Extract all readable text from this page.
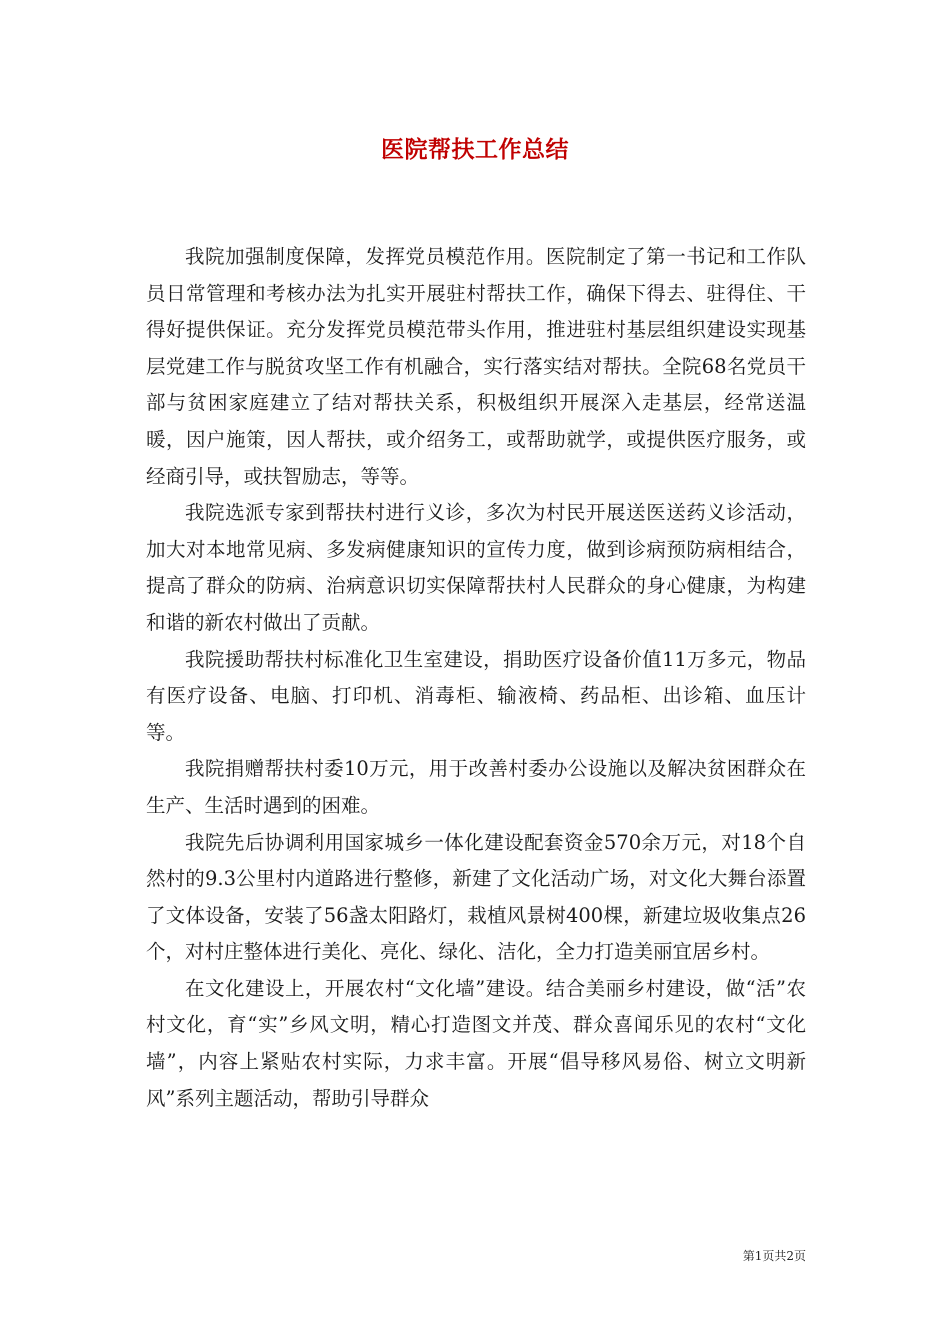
医院帮扶工作总结

我院加强制度保障，发挥党员模范作用。医院制定了第一书记和工作队员日常管理和考核办法为扎实开展驻村帮扶工作，确保下得去、驻得住、干得好提供保证。充分发挥党员模范带头作用，推进驻村基层组织建设实现基层党建工作与脱贫攻坚工作有机融合，实行落实结对帮扶。全院68名党员干部与贫困家庭建立了结对帮扶关系，积极组织开展深入走基层，经常送温暖，因户施策，因人帮扶，或介绍务工，或帮助就学，或提供医疗服务，或经商引导，或扶智励志，等等。

我院选派专家到帮扶村进行义诊，多次为村民开展送医送药义诊活动，加大对本地常见病、多发病健康知识的宣传力度，做到诊病预防病相结合，提高了群众的防病、治病意识切实保障帮扶村人民群众的身心健康，为构建和谐的新农村做出了贡献。

我院援助帮扶村标准化卫生室建设，捐助医疗设备价值11万多元，物品有医疗设备、电脑、打印机、消毒柜、输液椅、药品柜、出诊箱、血压计等。

我院捐赠帮扶村委10万元，用于改善村委办公设施以及解决贫困群众在生产、生活时遇到的困难。

我院先后协调利用国家城乡一体化建设配套资金570余万元，对18个自然村的9.3公里村内道路进行整修，新建了文化活动广场，对文化大舞台添置了文体设备，安装了56盏太阳路灯，栽植风景树400棵，新建垃圾收集点26个，对村庄整体进行美化、亮化、绿化、洁化，全力打造美丽宜居乡村。

在文化建设上，开展农村“文化墙”建设。结合美丽乡村建设，做“活”农村文化，育“实”乡风文明，精心打造图文并茂、群众喜闻乐见的农村“文化墙”，内容上紧贴农村实际，力求丰富。开展“倡导移风易俗、树立文明新风”系列主题活动，帮助引导群众

第1页共2页
